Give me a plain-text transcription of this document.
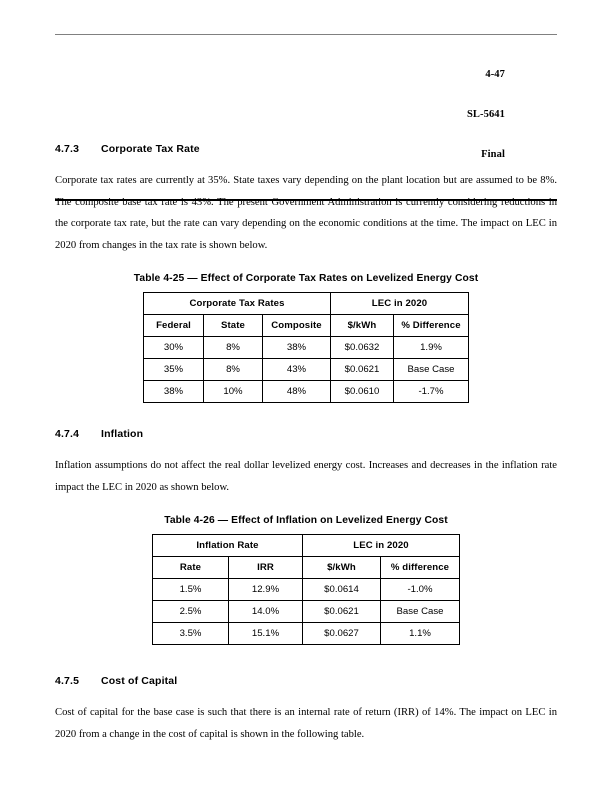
4-47

SL-5641

Final

4.7.3 Corporate Tax Rate

Corporate tax rates are currently at 35%. State taxes vary depending on the plant location but are assumed to be 8%. The composite base tax rate is 43%. The present Government Administration is currently considering reductions in the corporate tax rate, but the rate can vary depending on the economic conditions at the time. The impact on LEC in 2020 from changes in the tax rate is shown below.

Table 4-25 — Effect of Corporate Tax Rates on Levelized Energy Cost
Corporate Tax Rates			LEC in 2020	
Federal	State	Composite	$/kWh	% Difference
30%	8%	38%	$0.0632	1.9%
35%	8%	43%	$0.0621	Base Case
38%	10%	48%	$0.0610	-1.7%
4.7.4 Inflation

Inflation assumptions do not affect the real dollar levelized energy cost. Increases and decreases in the inflation rate impact the LEC in 2020 as shown below.

Table 4-26 — Effect of Inflation on Levelized Energy Cost
Inflation Rate		LEC in 2020	
Rate	IRR	$/kWh	% difference
1.5%	12.9%	$0.0614	-1.0%
2.5%	14.0%	$0.0621	Base Case
3.5%	15.1%	$0.0627	1.1%
4.7.5 Cost of Capital

Cost of capital for the base case is such that there is an internal rate of return (IRR) of 14%. The impact on LEC in 2020 from a change in the cost of capital is shown in the following table.
